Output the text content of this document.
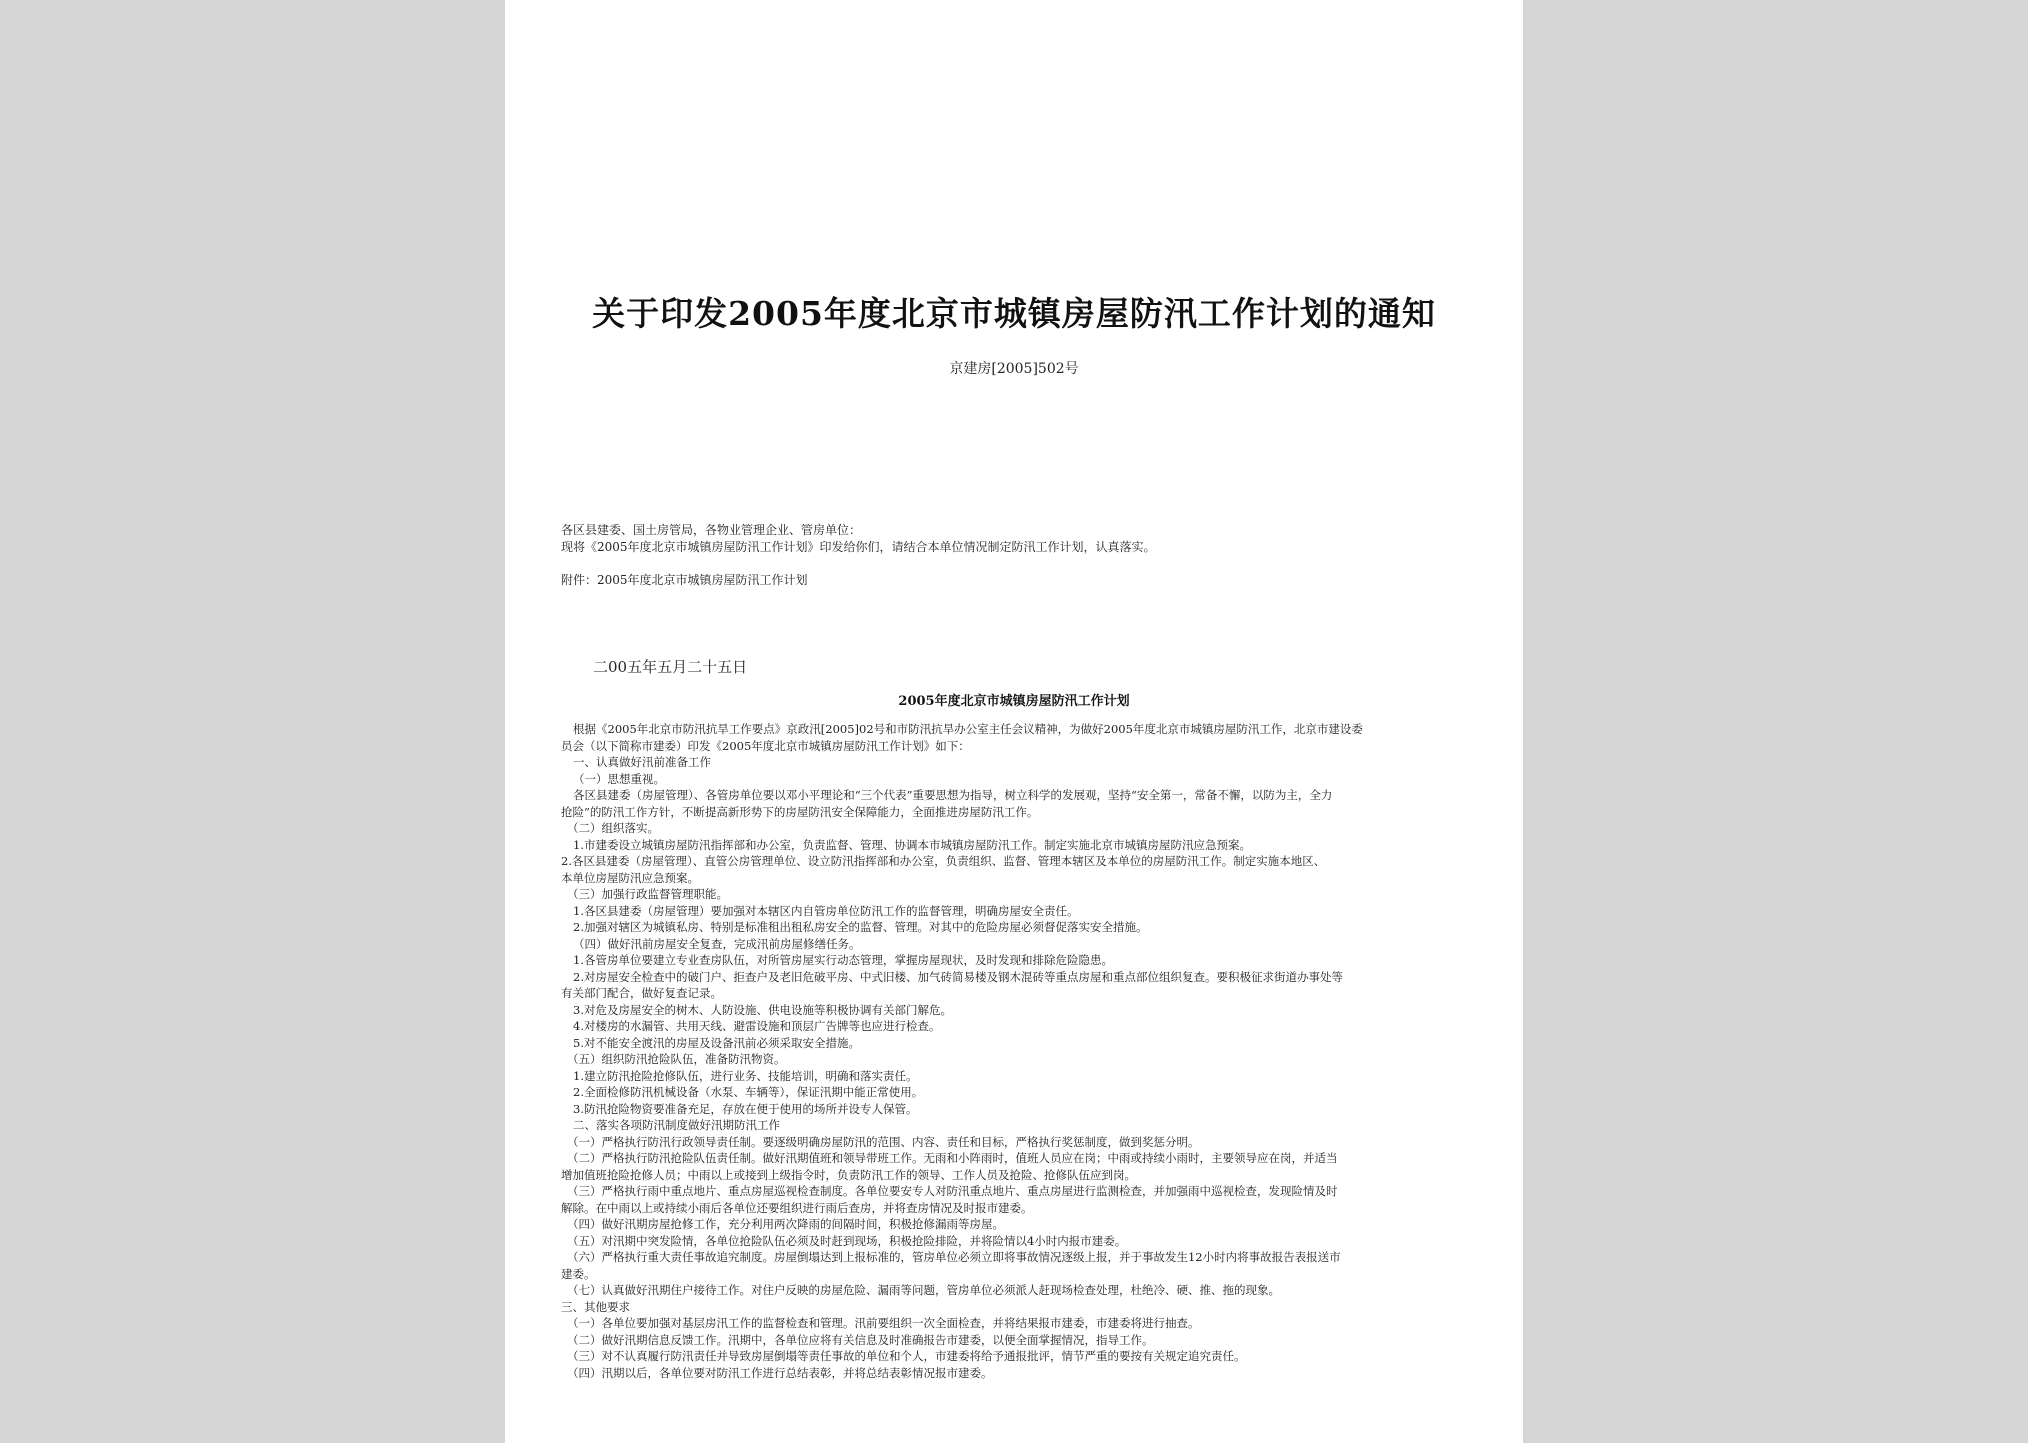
关于印发2005年度北京市城镇房屋防汛工作计划的通知
京建房[2005]502号
各区县建委、国土房管局，各物业管理企业、管房单位：
现将《2005年度北京市城镇房屋防汛工作计划》印发给你们，请结合本单位情况制定防汛工作计划，认真落实。
附件：2005年度北京市城镇房屋防汛工作计划
二00五年五月二十五日
2005年度北京市城镇房屋防汛工作计划
根据《2005年北京市防汛抗旱工作要点》京政汛[2005]02号和市防汛抗旱办公室主任会议精神，为做好2005年度北京市城镇房屋防汛工作，北京市建设委
员会（以下简称市建委）印发《2005年度北京市城镇房屋防汛工作计划》如下：
一、认真做好汛前准备工作
（一）思想重视。
各区县建委（房屋管理）、各管房单位要以邓小平理论和“三个代表”重要思想为指导，树立科学的发展观，坚持“安全第一，常备不懈，以防为主，全力
抢险”的防汛工作方针，不断提高新形势下的房屋防汛安全保障能力，全面推进房屋防汛工作。
（二）组织落实。
1.市建委设立城镇房屋防汛指挥部和办公室，负责监督、管理、协调本市城镇房屋防汛工作。制定实施北京市城镇房屋防汛应急预案。
2.各区县建委（房屋管理）、直管公房管理单位、设立防汛指挥部和办公室，负责组织、监督、管理本辖区及本单位的房屋防汛工作。制定实施本地区、
本单位房屋防汛应急预案。
（三）加强行政监督管理职能。
1.各区县建委（房屋管理）要加强对本辖区内自管房单位防汛工作的监督管理，明确房屋安全责任。
2.加强对辖区为城镇私房、特别是标准租出租私房安全的监督、管理。对其中的危险房屋必须督促落实安全措施。
（四）做好汛前房屋安全复查，完成汛前房屋修缮任务。
1.各管房单位要建立专业查房队伍，对所管房屋实行动态管理，掌握房屋现状，及时发现和排除危险隐患。
2.对房屋安全检查中的破门户、拒查户及老旧危破平房、中式旧楼、加气砖简易楼及钢木混砖等重点房屋和重点部位组织复查。要积极征求街道办事处等
有关部门配合，做好复查记录。
3.对危及房屋安全的树木、人防设施、供电设施等积极协调有关部门解危。
4.对楼房的水漏管、共用天线、避雷设施和顶层广告牌等也应进行检查。
5.对不能安全渡汛的房屋及设备汛前必须采取安全措施。
（五）组织防汛抢险队伍，准备防汛物资。
1.建立防汛抢险抢修队伍，进行业务、技能培训，明确和落实责任。
2.全面检修防汛机械设备（水泵、车辆等），保证汛期中能正常使用。
3.防汛抢险物资要准备充足，存放在便于使用的场所并设专人保管。
二、落实各项防汛制度做好汛期防汛工作
（一）严格执行防汛行政领导责任制。要逐级明确房屋防汛的范围、内容、责任和目标，严格执行奖惩制度，做到奖惩分明。
（二）严格执行防汛抢险队伍责任制。做好汛期值班和领导带班工作。无雨和小阵雨时，值班人员应在岗；中雨或持续小雨时，主要领导应在岗，并适当
增加值班抢险抢修人员；中雨以上或接到上级指令时，负责防汛工作的领导、工作人员及抢险、抢修队伍应到岗。
（三）严格执行雨中重点地片、重点房屋巡视检查制度。各单位要安专人对防汛重点地片、重点房屋进行监测检查，并加强雨中巡视检查，发现险情及时
解除。在中雨以上或持续小雨后各单位还要组织进行雨后查房，并将查房情况及时报市建委。
（四）做好汛期房屋抢修工作，充分利用两次降雨的间隔时间，积极抢修漏雨等房屋。
（五）对汛期中突发险情，各单位抢险队伍必须及时赶到现场，积极抢险排险，并将险情以4小时内报市建委。
（六）严格执行重大责任事故追究制度。房屋倒塌达到上报标准的，管房单位必须立即将事故情况逐级上报，并于事故发生12小时内将事故报告表报送市
建委。
（七）认真做好汛期住户接待工作。对住户反映的房屋危险、漏雨等问题，管房单位必须派人赶现场检查处理，杜绝冷、硬、推、拖的现象。
三、其他要求
（一）各单位要加强对基层房汛工作的监督检查和管理。汛前要组织一次全面检查，并将结果报市建委，市建委将进行抽查。
（二）做好汛期信息反馈工作。汛期中，各单位应将有关信息及时准确报告市建委，以便全面掌握情况，指导工作。
（三）对不认真履行防汛责任并导致房屋倒塌等责任事故的单位和个人，市建委将给予通报批评，情节严重的要按有关规定追究责任。
（四）汛期以后，各单位要对防汛工作进行总结表彰，并将总结表彰情况报市建委。
